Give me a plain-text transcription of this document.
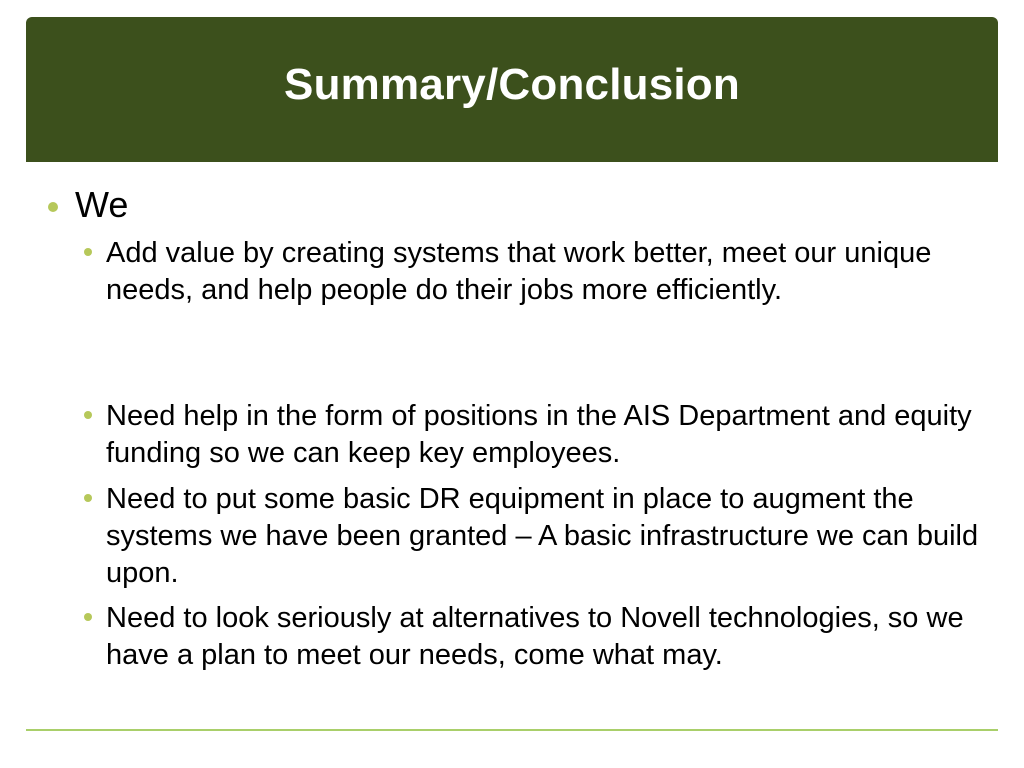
Summary/Conclusion
We
Add value by creating systems that work better, meet our unique needs, and help people do their jobs more efficiently.
Need help in the form of positions in the AIS Department and equity funding so we can keep key employees.
Need to put some basic DR equipment in place to augment the systems we have been granted – A basic infrastructure we can build upon.
Need to look seriously at alternatives to Novell technologies, so we have a plan to meet our needs, come what may.
